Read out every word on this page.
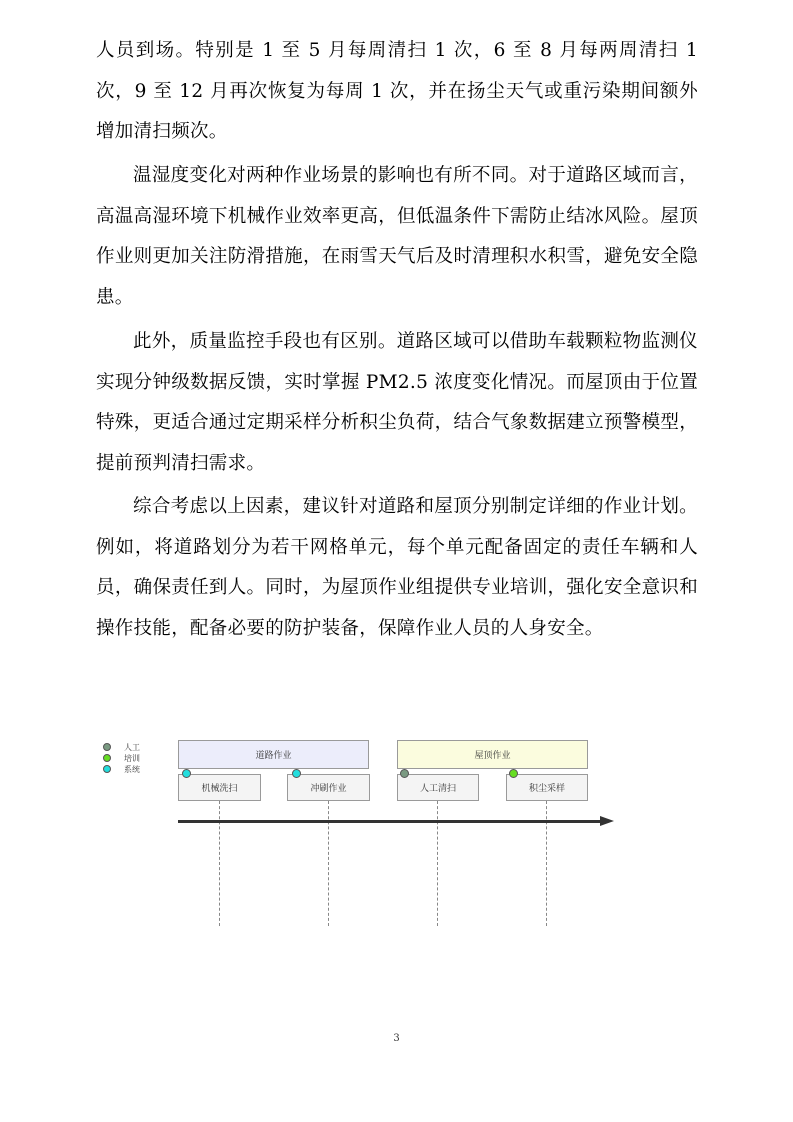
人员到场。特别是 1 至 5 月每周清扫 1 次，6 至 8 月每两周清扫 1 次，9 至 12 月再次恢复为每周 1 次，并在扬尘天气或重污染期间额外增加清扫频次。

温湿度变化对两种作业场景的影响也有所不同。对于道路区域而言，高温高湿环境下机械作业效率更高，但低温条件下需防止结冰风险。屋顶作业则更加关注防滑措施，在雨雪天气后及时清理积水积雪，避免安全隐患。

此外，质量监控手段也有区别。道路区域可以借助车载颗粒物监测仪实现分钟级数据反馈，实时掌握 PM2.5 浓度变化情况。而屋顶由于位置特殊，更适合通过定期采样分析积尘负荷，结合气象数据建立预警模型，提前预判清扫需求。

综合考虑以上因素，建议针对道路和屋顶分别制定详细的作业计划。例如，将道路划分为若干网格单元，每个单元配备固定的责任车辆和人员，确保责任到人。同时，为屋顶作业组提供专业培训，强化安全意识和操作技能，配备必要的防护装备，保障作业人员的人身安全。

人工
培训
系统
道路作业	屋顶作业
机械洗扫	冲刷作业	人工清扫	积尘采样
3
